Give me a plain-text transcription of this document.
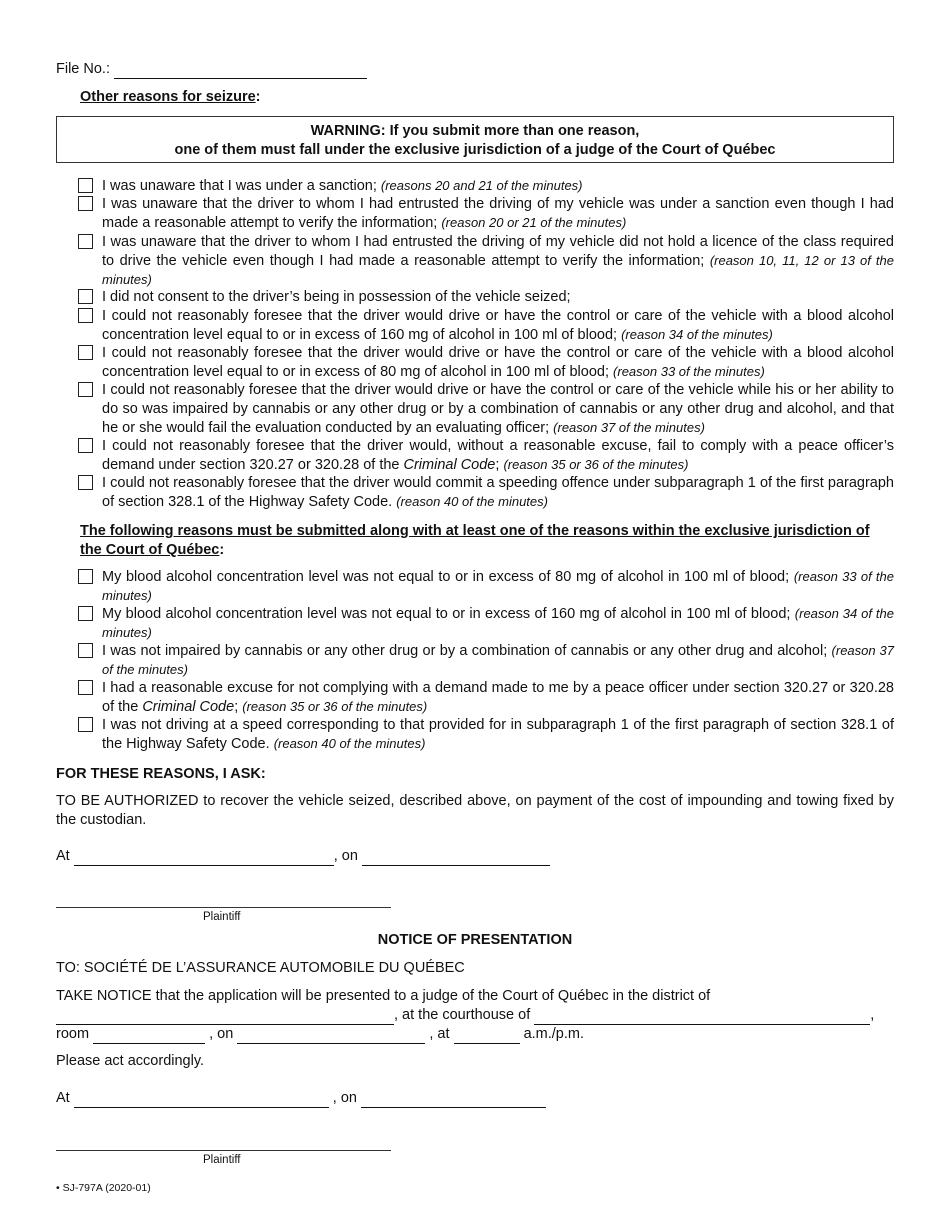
File No.:
Other reasons for seizure:
WARNING: If you submit more than one reason,
one of them must fall under the exclusive jurisdiction of a judge of the Court of Québec
I was unaware that I was under a sanction; (reasons 20 and 21 of the minutes)
I was unaware that the driver to whom I had entrusted the driving of my vehicle was under a sanction even though I had made a reasonable attempt to verify the information; (reason 20 or 21 of the minutes)
I was unaware that the driver to whom I had entrusted the driving of my vehicle did not hold a licence of the class required to drive the vehicle even though I had made a reasonable attempt to verify the information; (reason 10, 11, 12 or 13 of the minutes)
I did not consent to the driver’s being in possession of the vehicle seized;
I could not reasonably foresee that the driver would drive or have the control or care of the vehicle with a blood alcohol concentration level equal to or in excess of 160 mg of alcohol in 100 ml of blood; (reason 34 of the minutes)
I could not reasonably foresee that the driver would drive or have the control or care of the vehicle with a blood alcohol concentration level equal to or in excess of 80 mg of alcohol in 100 ml of blood; (reason 33 of the minutes)
I could not reasonably foresee that the driver would drive or have the control or care of the vehicle while his or her ability to do so was impaired by cannabis or any other drug or by a combination of cannabis or any other drug and alcohol, and that he or she would fail the evaluation conducted by an evaluating officer; (reason 37 of the minutes)
I could not reasonably foresee that the driver would, without a reasonable excuse, fail to comply with a peace officer’s demand under section 320.27 or 320.28 of the Criminal Code; (reason 35 or 36 of the minutes)
I could not reasonably foresee that the driver would commit a speeding offence under subparagraph 1 of the first paragraph of section 328.1 of the Highway Safety Code. (reason 40 of the minutes)
The following reasons must be submitted along with at least one of the reasons within the exclusive jurisdiction of the Court of Québec:
My blood alcohol concentration level was not equal to or in excess of 80 mg of alcohol in 100 ml of blood; (reason 33 of the minutes)
My blood alcohol concentration level was not equal to or in excess of 160 mg of alcohol in 100 ml of blood; (reason 34 of the minutes)
I was not impaired by cannabis or any other drug or by a combination of cannabis or any other drug and alcohol; (reason 37 of the minutes)
I had a reasonable excuse for not complying with a demand made to me by a peace officer under section 320.27 or 320.28 of the Criminal Code; (reason 35 or 36 of the minutes)
I was not driving at a speed corresponding to that provided for in subparagraph 1 of the first paragraph of section 328.1 of the Highway Safety Code. (reason 40 of the minutes)
FOR THESE REASONS, I ASK:
TO BE AUTHORIZED to recover the vehicle seized, described above, on payment of the cost of impounding and towing fixed by the custodian.
At	, on
Plaintiff
NOTICE OF PRESENTATION
TO: SOCIÉTÉ DE L’ASSURANCE AUTOMOBILE DU QUÉBEC
TAKE NOTICE that the application will be presented to a judge of the Court of Québec in the district of
, at the courthouse of	,
room	, on	, at	a.m./p.m.
Please act accordingly.
At	, on
Plaintiff
• SJ-797A (2020-01)
